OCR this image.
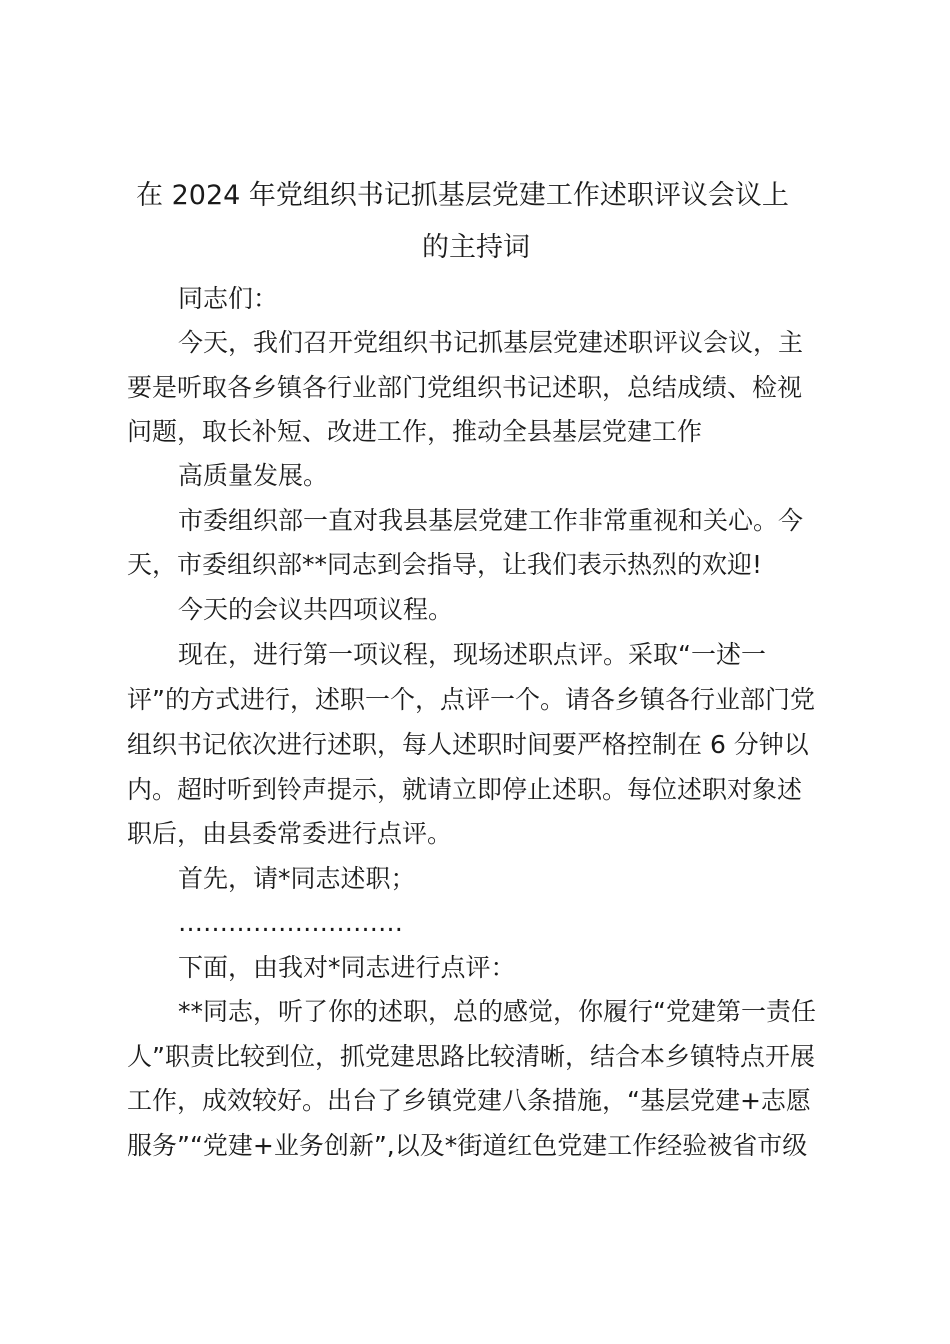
在 2024 年党组织书记抓基层党建工作述职评议会议上
的主持词
同志们：
今天，我们召开党组织书记抓基层党建述职评议会议，主
要是听取各乡镇各行业部门党组织书记述职，总结成绩、检视
问题，取长补短、改进工作，推动全县基层党建工作
高质量发展。
市委组织部一直对我县基层党建工作非常重视和关心。今
天，市委组织部**同志到会指导，让我们表示热烈的欢迎!
今天的会议共四项议程。
现在，进行第一项议程，现场述职点评。采取“一述一
评”的方式进行，述职一个，点评一个。请各乡镇各行业部门党
组织书记依次进行述职，每人述职时间要严格控制在 6 分钟以
内。超时听到铃声提示，就请立即停止述职。每位述职对象述
职后，由县委常委进行点评。
首先，请*同志述职；
………………………
下面，由我对*同志进行点评：
**同志，听了你的述职，总的感觉，你履行“党建第一责任
人”职责比较到位，抓党建思路比较清晰，结合本乡镇特点开展
工作，成效较好。出台了乡镇党建八条措施，“基层党建+志愿
服务”“党建+业务创新”,以及*街道红色党建工作经验被省市级
